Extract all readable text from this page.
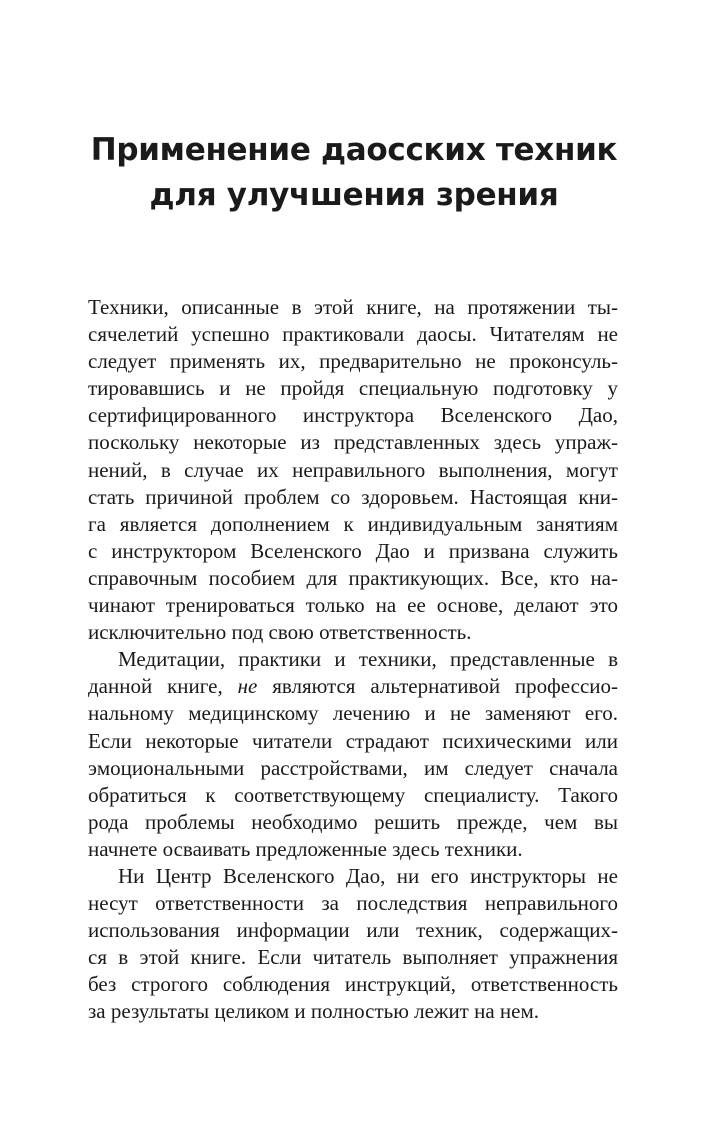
Применение даосских техник
для улучшения зрения
Техники, описанные в этой книге, на протяжении ты-
сячелетий успешно практиковали даосы. Читателям не
следует применять их, предварительно не проконсуль-
тировавшись и не пройдя специальную подготовку у
сертифицированного инструктора Вселенского Дао,
поскольку некоторые из представленных здесь упраж-
нений, в случае их неправильного выполнения, могут
стать причиной проблем со здоровьем. Настоящая кни-
га является дополнением к индивидуальным занятиям
с инструктором Вселенского Дао и призвана служить
справочным пособием для практикующих. Все, кто на-
чинают тренироваться только на ее основе, делают это
исключительно под свою ответственность.
Медитации, практики и техники, представленные в
данной книге, не являются альтернативой профессио-
нальному медицинскому лечению и не заменяют его.
Если некоторые читатели страдают психическими или
эмоциональными расстройствами, им следует сначала
обратиться к соответствующему специалисту. Такого
рода проблемы необходимо решить прежде, чем вы
начнете осваивать предложенные здесь техники.
Ни Центр Вселенского Дао, ни его инструкторы не
несут ответственности за последствия неправильного
использования информации или техник, содержащих-
ся в этой книге. Если читатель выполняет упражнения
без строгого соблюдения инструкций, ответственность
за результаты целиком и полностью лежит на нем.
